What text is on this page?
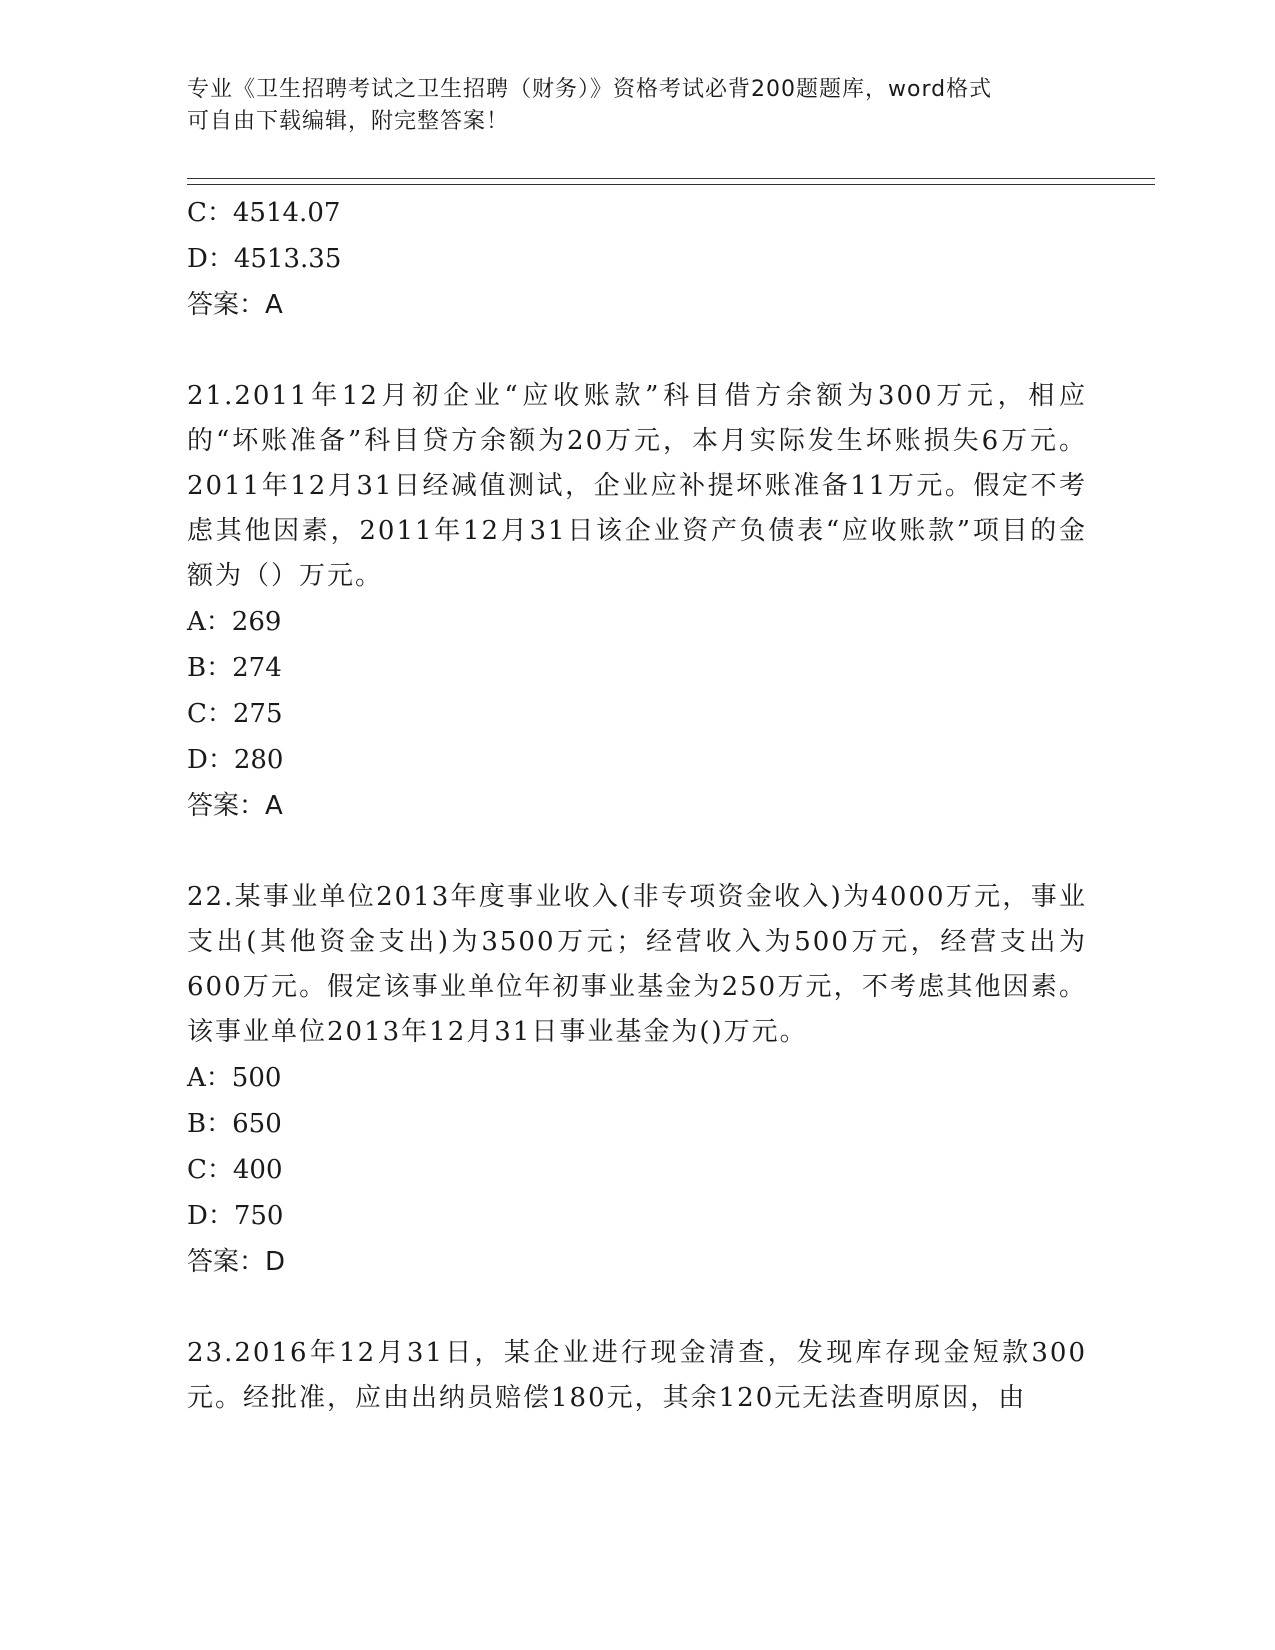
专业《卫生招聘考试之卫生招聘（财务）》资格考试必背200题题库，word格式
可自由下载编辑，附完整答案！
C：4514.07
D：4513.35
答案：A
21.2011年12月初企业“应收账款”科目借方余额为300万元，相应的“坏账准备”科目贷方余额为20万元，本月实际发生坏账损失6万元。2011年12月31日经减值测试，企业应补提坏账准备11万元。假定不考虑其他因素，2011年12月31日该企业资产负债表“应收账款”项目的金额为（）万元。
A：269
B：274
C：275
D：280
答案：A
22.某事业单位2013年度事业收入(非专项资金收入)为4000万元，事业支出(其他资金支出)为3500万元；经营收入为500万元，经营支出为600万元。假定该事业单位年初事业基金为250万元，不考虑其他因素。该事业单位2013年12月31日事业基金为()万元。
A：500
B：650
C：400
D：750
答案：D
23.2016年12月31日，某企业进行现金清查，发现库存现金短款300元。经批准，应由出纳员赔偿180元，其余120元无法查明原因，由
